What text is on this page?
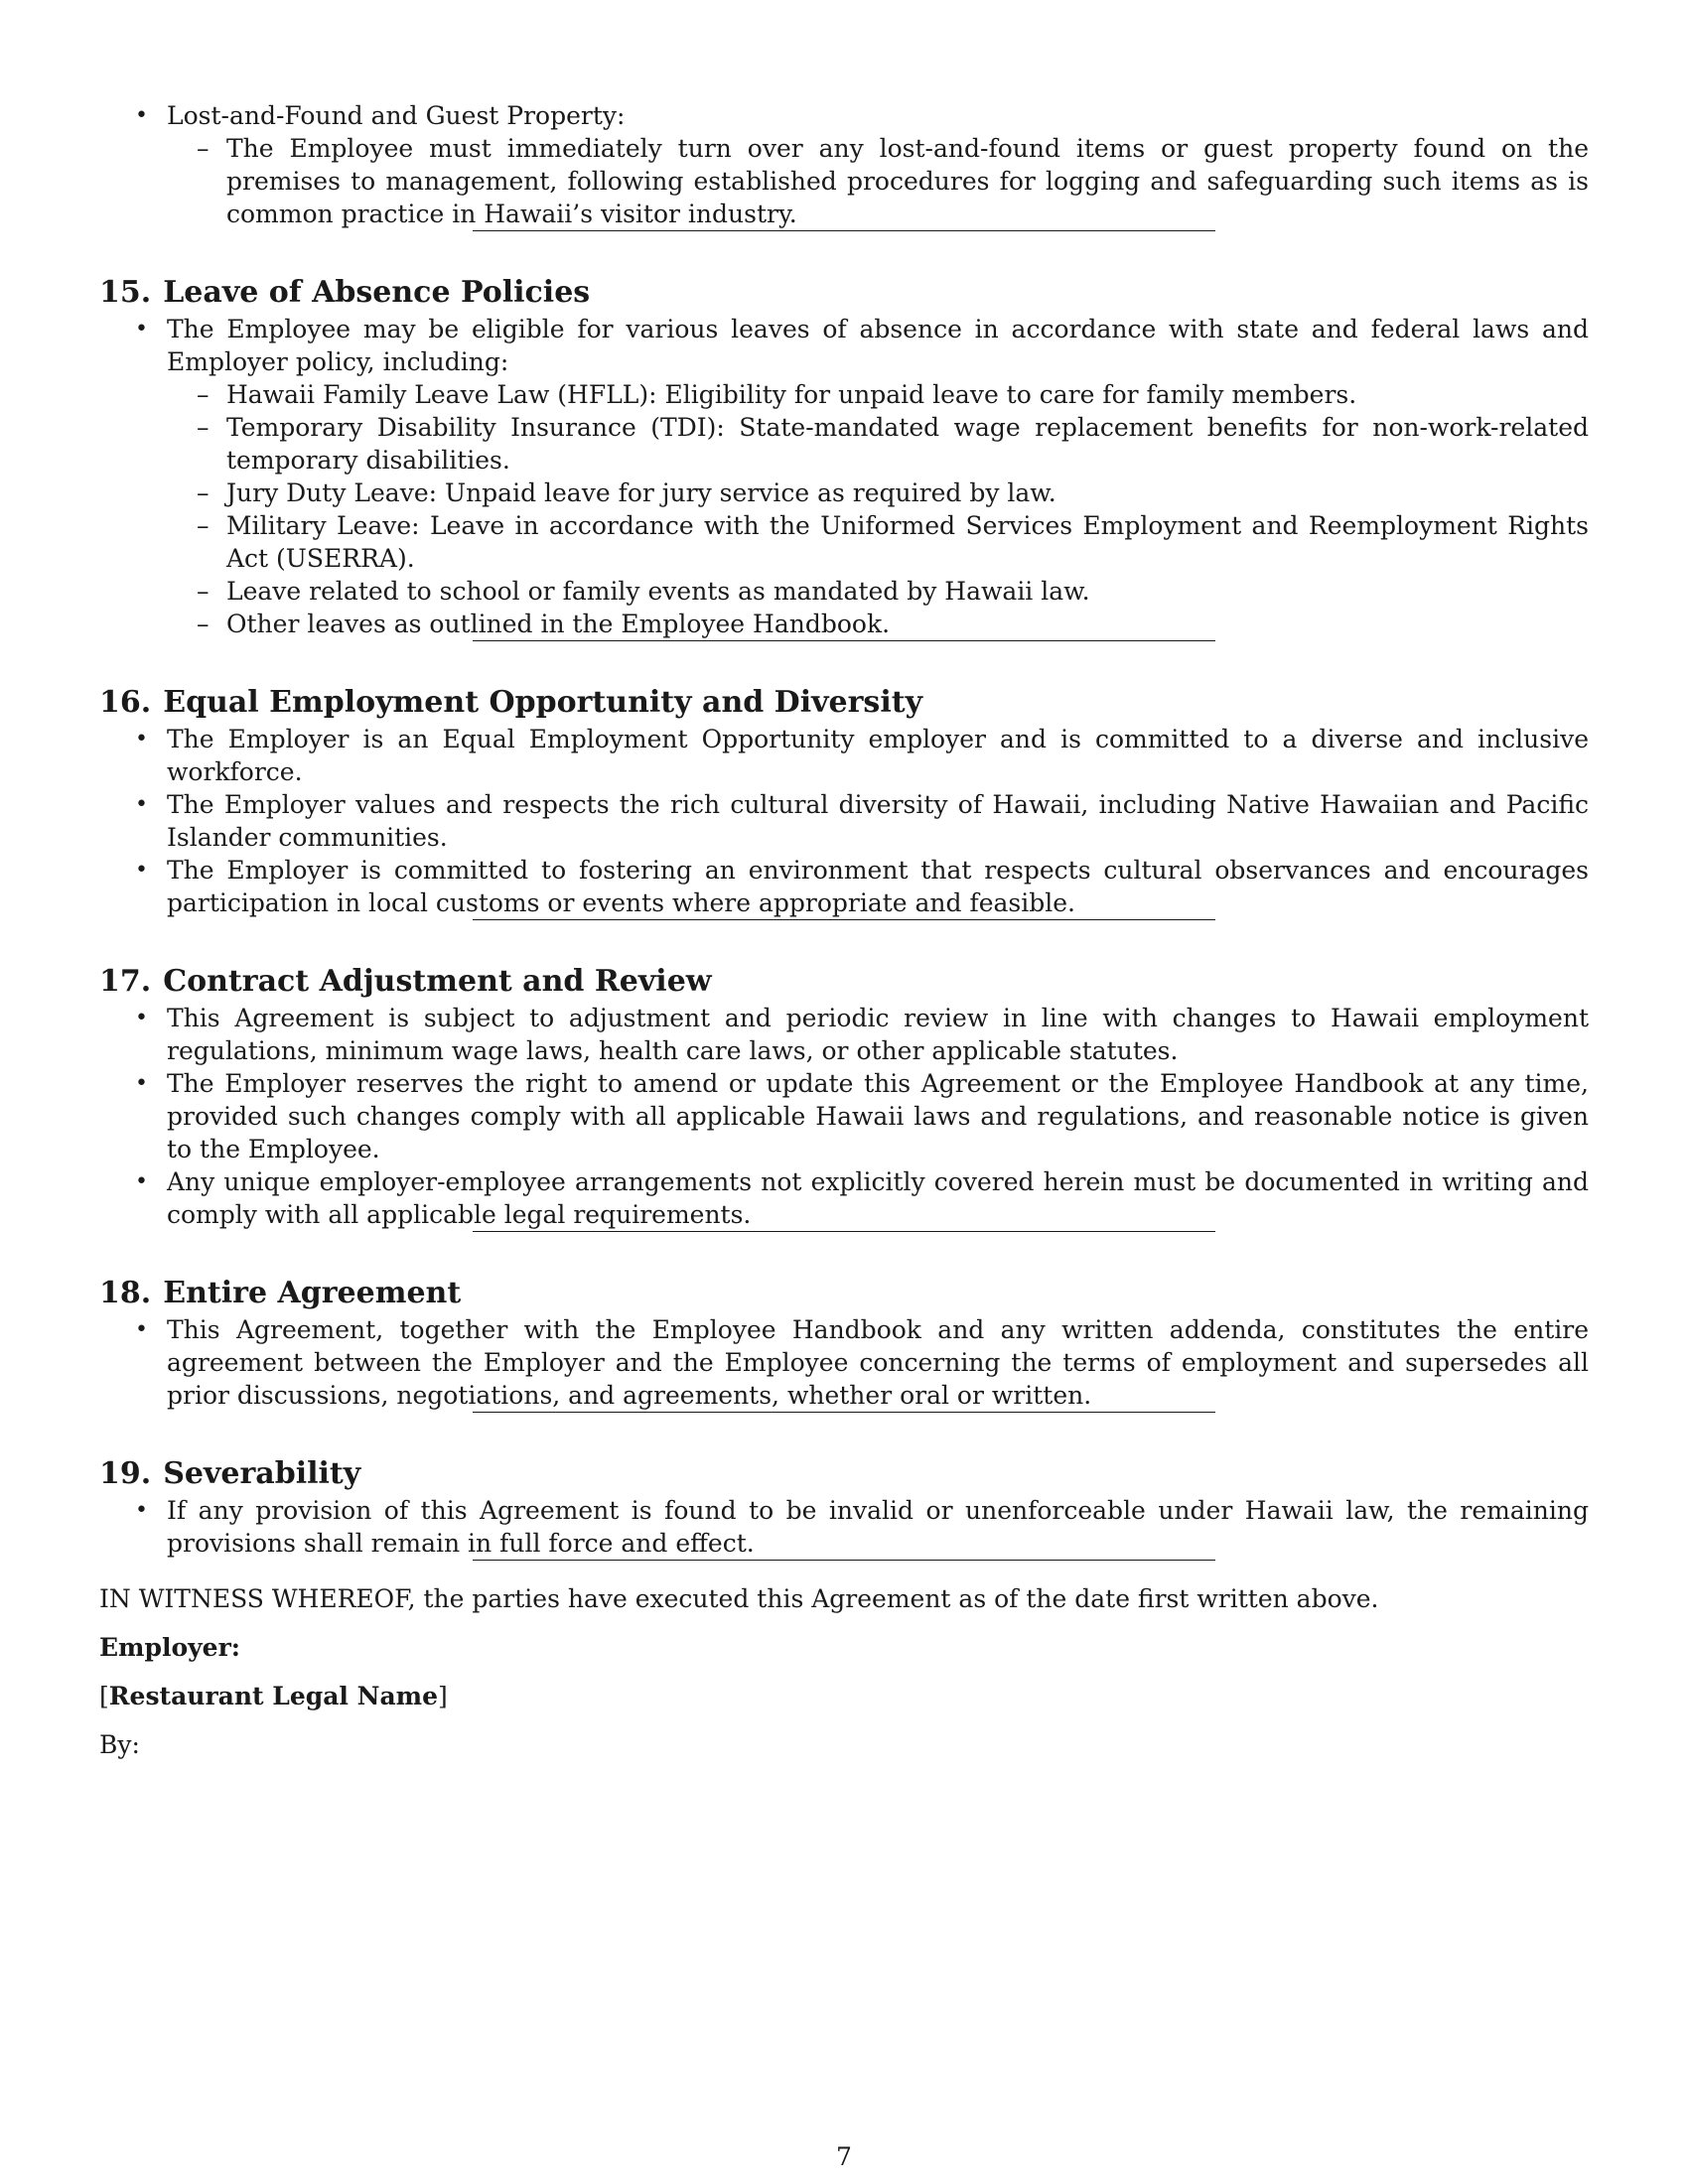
• Lost-and-Found and Guest Property:
– The Employee must immediately turn over any lost-and-found items or guest property found on the premises to management, following established procedures for logging and safeguarding such items as is common practice in Hawaii’s visitor industry.
15. Leave of Absence Policies
• The Employee may be eligible for various leaves of absence in accordance with state and federal laws and Employer policy, including:
– Hawaii Family Leave Law (HFLL): Eligibility for unpaid leave to care for family members.
– Temporary Disability Insurance (TDI): State-mandated wage replacement benefits for non-work-related temporary disabilities.
– Jury Duty Leave: Unpaid leave for jury service as required by law.
– Military Leave: Leave in accordance with the Uniformed Services Employment and Reemployment Rights Act (USERRA).
– Leave related to school or family events as mandated by Hawaii law.
– Other leaves as outlined in the Employee Handbook.
16. Equal Employment Opportunity and Diversity
• The Employer is an Equal Employment Opportunity employer and is committed to a diverse and inclusive workforce.
• The Employer values and respects the rich cultural diversity of Hawaii, including Native Hawaiian and Pacific Islander communities.
• The Employer is committed to fostering an environment that respects cultural observances and encourages participation in local customs or events where appropriate and feasible.
17. Contract Adjustment and Review
• This Agreement is subject to adjustment and periodic review in line with changes to Hawaii employment regulations, minimum wage laws, health care laws, or other applicable statutes.
• The Employer reserves the right to amend or update this Agreement or the Employee Handbook at any time, provided such changes comply with all applicable Hawaii laws and regulations, and reasonable notice is given to the Employee.
• Any unique employer-employee arrangements not explicitly covered herein must be documented in writing and comply with all applicable legal requirements.
18. Entire Agreement
• This Agreement, together with the Employee Handbook and any written addenda, constitutes the entire agreement between the Employer and the Employee concerning the terms of employment and supersedes all prior discussions, negotiations, and agreements, whether oral or written.
19. Severability
• If any provision of this Agreement is found to be invalid or unenforceable under Hawaii law, the remaining provisions shall remain in full force and effect.

IN WITNESS WHEREOF, the parties have executed this Agreement as of the date first written above.

Employer:

[Restaurant Legal Name]

By:

7
